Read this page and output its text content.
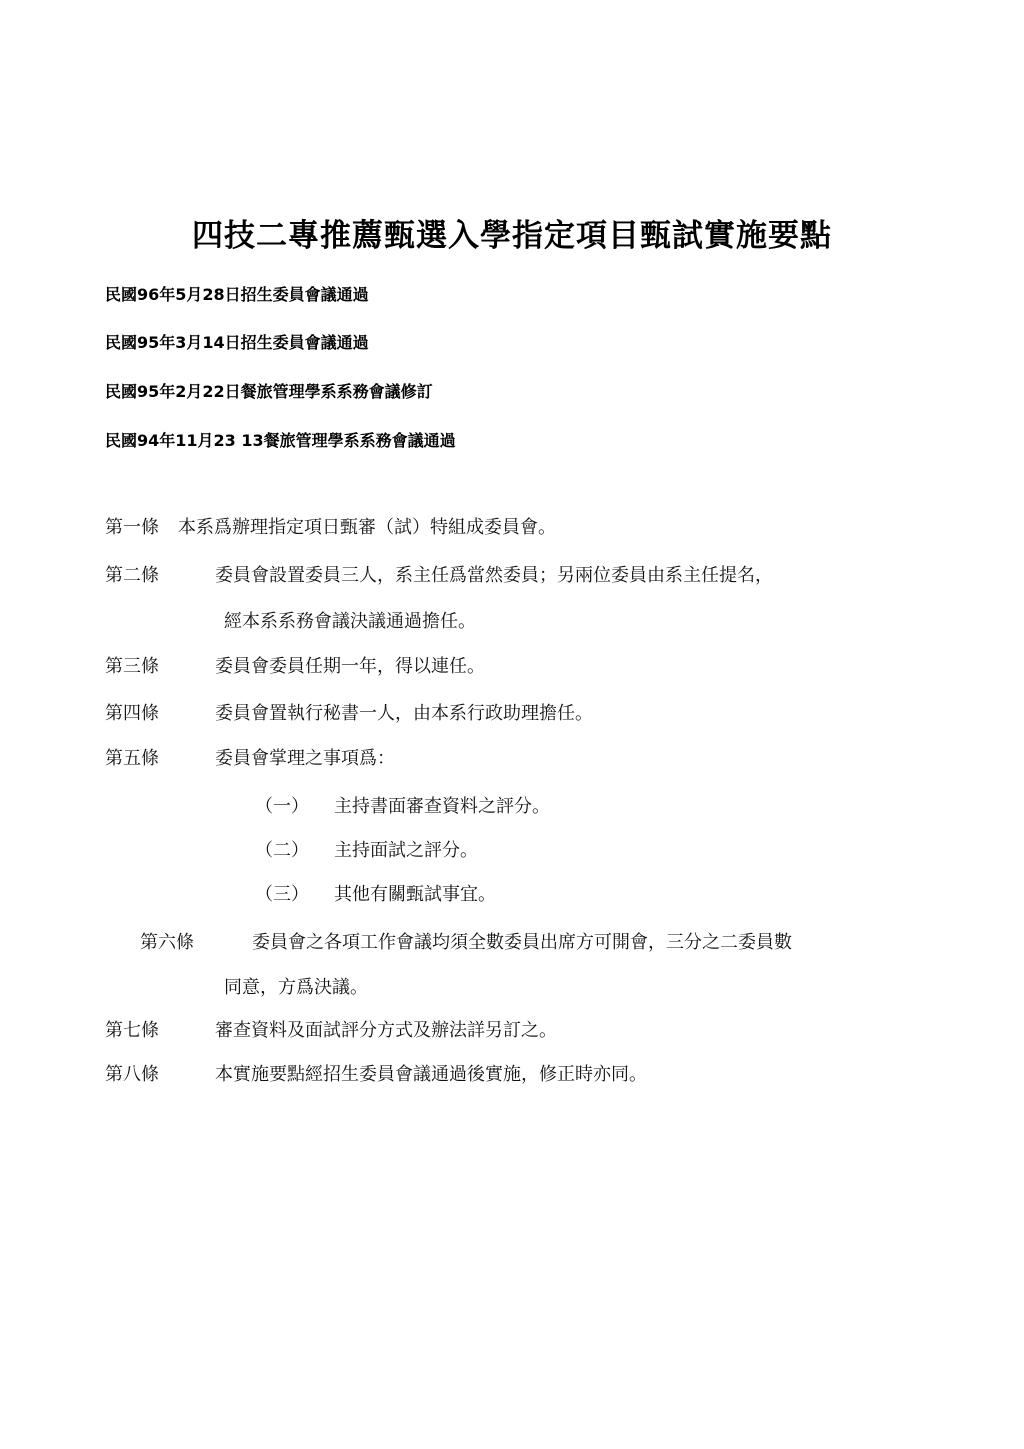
四技二專推薦甄選入學指定項目甄試實施要點
民國96年5月28日招生委員會議通過
民國95年3月14日招生委員會議通過
民國95年2月22日餐旅管理學系系務會議修訂
民國94年11月23 13餐旅管理學系系務會議通過
第一條 本系爲辦理指定項日甄審（試）特組成委員會。
第二條	委員會設置委員三人，系主任爲當然委員；另兩位委員由系主任提名，
經本系系務會議決議通過擔任。
第三條	委員會委員任期一年，得以連任。
第四條	委員會置執行秘書一人，由本系行政助理擔任。
第五條	委員會掌理之事項爲：
（一） 主持書面審查資料之評分。
（二） 主持面試之評分。
（三） 其他有關甄試事宜。
第六條	委員會之各項工作會議均須全數委員出席方可開會，三分之二委員數
同意，方爲決議。
第七條	審查資料及面試評分方式及辦法詳另訂之。
第八條	本實施要點經招生委員會議通過後實施，修正時亦同。
